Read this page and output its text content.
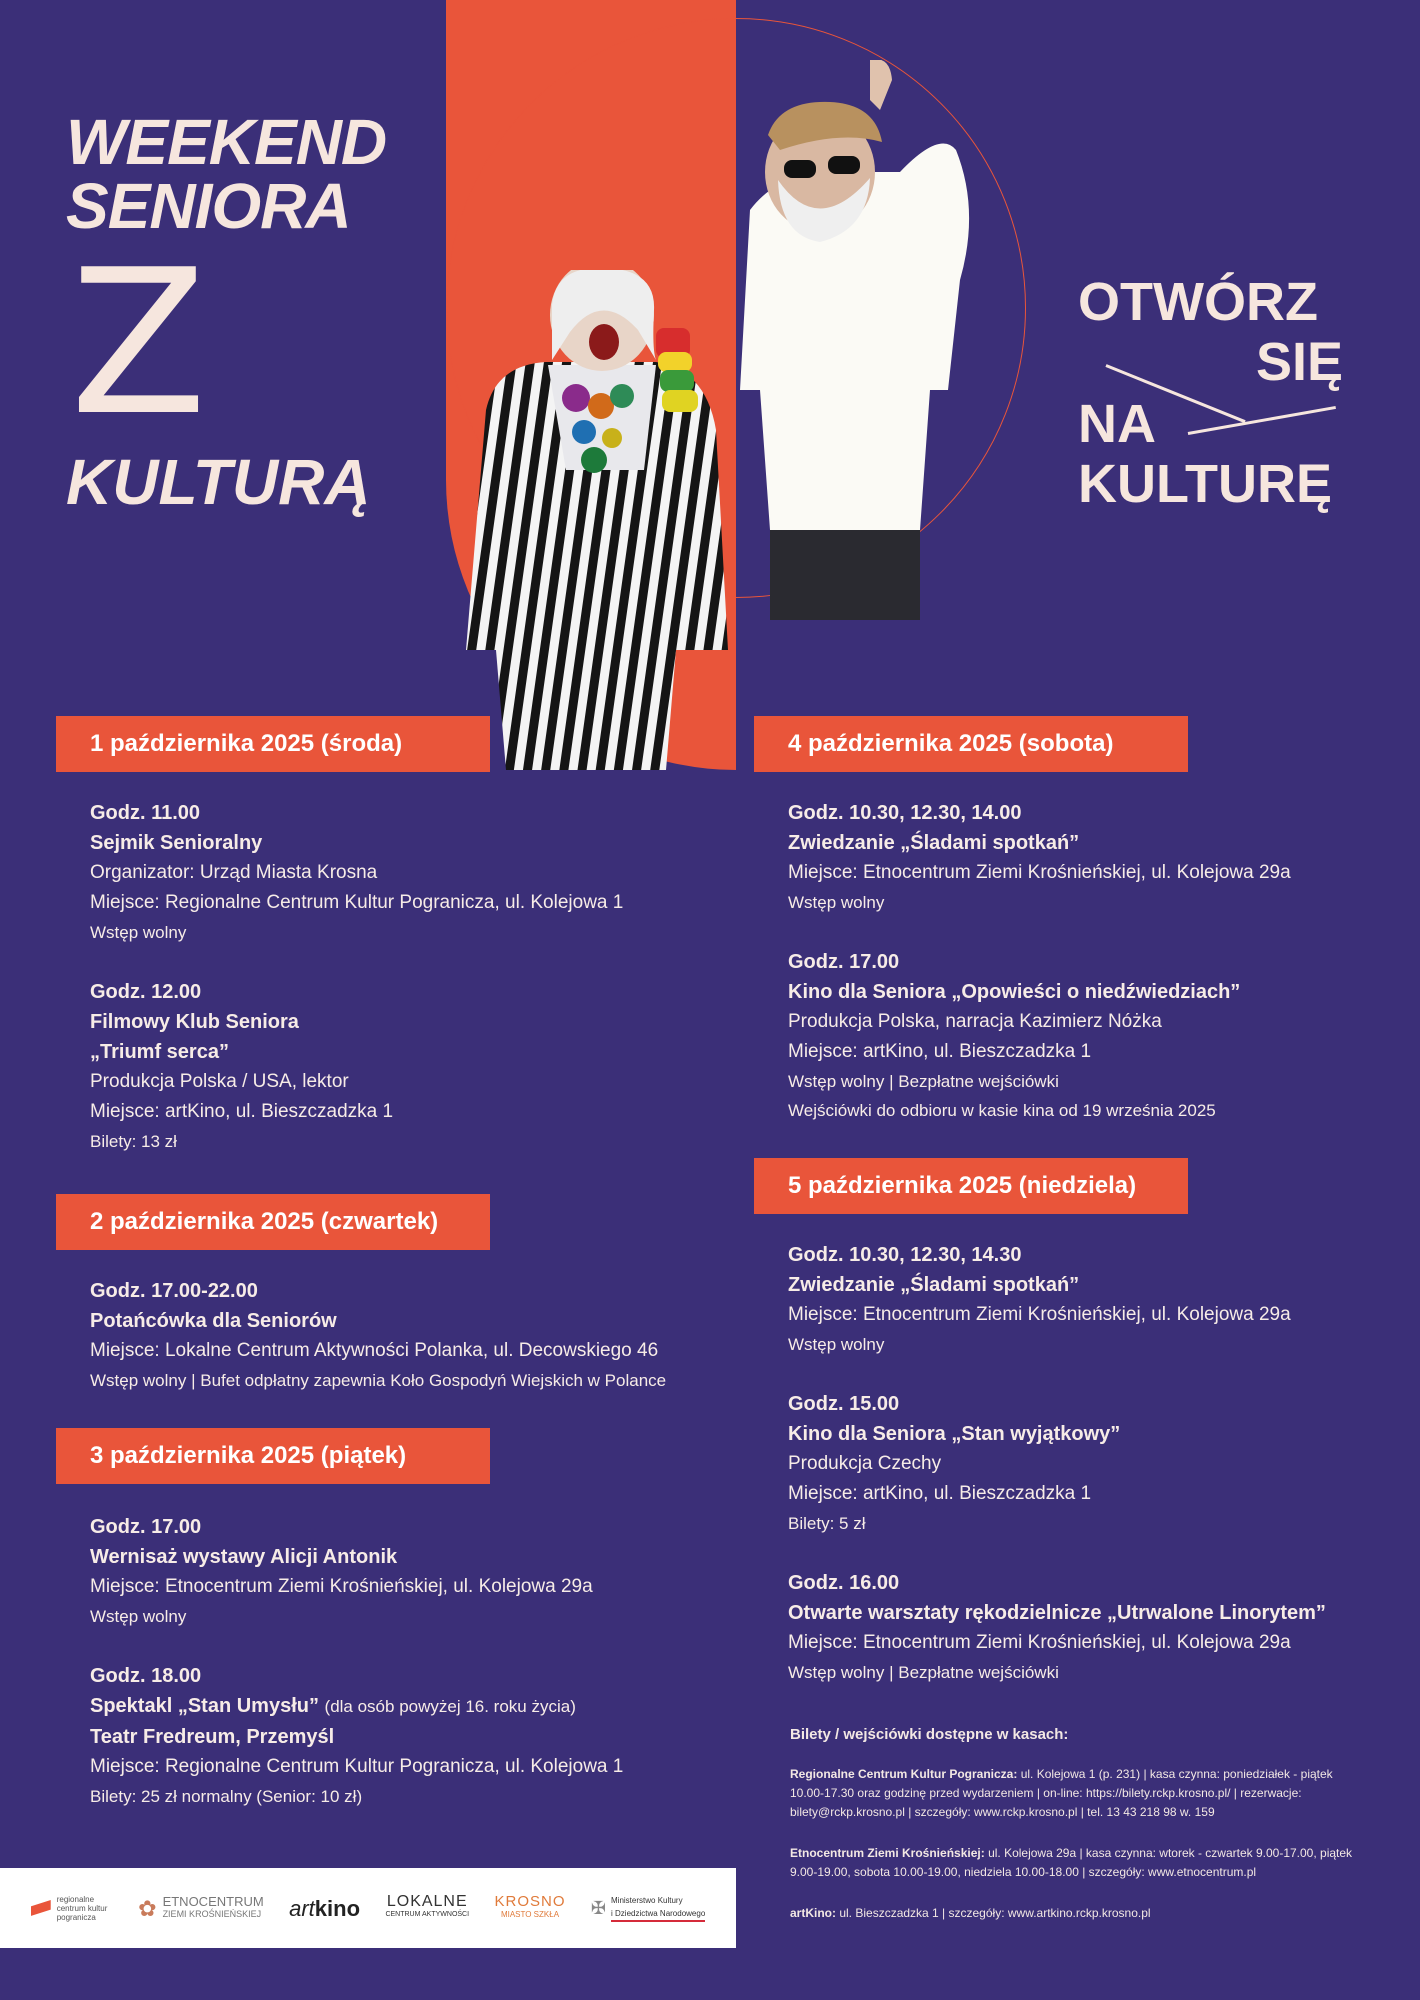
WEEKEND
SENIORA
Z
KULTURĄ
OTWÓRZ
SIĘ
NA
KULTURĘ
1 października 2025 (środa)
Godz. 11.00
Sejmik Senioralny
Organizator: Urząd Miasta Krosna
Miejsce: Regionalne Centrum Kultur Pogranicza, ul. Kolejowa 1
Wstęp wolny
Godz. 12.00
Filmowy Klub Seniora
„Triumf serca”
Produkcja Polska / USA, lektor
Miejsce: artKino, ul. Bieszczadzka 1
Bilety: 13 zł
2 października 2025 (czwartek)
Godz. 17.00-22.00
Potańcówka dla Seniorów
Miejsce: Lokalne Centrum Aktywności Polanka, ul. Decowskiego 46
Wstęp wolny | Bufet odpłatny zapewnia Koło Gospodyń Wiejskich w Polance
3 października 2025 (piątek)
Godz. 17.00
Wernisaż wystawy Alicji Antonik
Miejsce: Etnocentrum Ziemi Krośnieńskiej, ul. Kolejowa 29a
Wstęp wolny
Godz. 18.00
Spektakl „Stan Umysłu” (dla osób powyżej 16. roku życia)
Teatr Fredreum, Przemyśl
Miejsce: Regionalne Centrum Kultur Pogranicza, ul. Kolejowa 1
Bilety: 25 zł normalny (Senior: 10 zł)
4 października 2025 (sobota)
Godz. 10.30, 12.30, 14.00
Zwiedzanie „Śladami spotkań”
Miejsce: Etnocentrum Ziemi Krośnieńskiej, ul. Kolejowa 29a
Wstęp wolny
Godz. 17.00
Kino dla Seniora „Opowieści o niedźwiedziach”
Produkcja Polska, narracja Kazimierz Nóżka
Miejsce: artKino, ul. Bieszczadzka 1
Wstęp wolny | Bezpłatne wejściówki
Wejściówki do odbioru w kasie kina od 19 września 2025
5 października 2025 (niedziela)
Godz. 10.30, 12.30, 14.30
Zwiedzanie „Śladami spotkań”
Miejsce: Etnocentrum Ziemi Krośnieńskiej, ul. Kolejowa 29a
Wstęp wolny
Godz. 15.00
Kino dla Seniora „Stan wyjątkowy”
Produkcja Czechy
Miejsce: artKino, ul. Bieszczadzka 1
Bilety: 5 zł
Godz. 16.00
Otwarte warsztaty rękodzielnicze „Utrwalone Linorytem”
Miejsce: Etnocentrum Ziemi Krośnieńskiej, ul. Kolejowa 29a
Wstęp wolny | Bezpłatne wejściówki
Bilety / wejściówki dostępne w kasach:

Regionalne Centrum Kultur Pogranicza: ul. Kolejowa 1 (p. 231) | kasa czynna: poniedziałek - piątek 10.00-17.30 oraz godzinę przed wydarzeniem | on-line: https://bilety.rckp.krosno.pl/ | rezerwacje: bilety@rckp.krosno.pl | szczegóły: www.rckp.krosno.pl | tel. 13 43 218 98 w. 159

Etnocentrum Ziemi Krośnieńskiej: ul. Kolejowa 29a | kasa czynna: wtorek - czwartek 9.00-17.00, piątek 9.00-19.00, sobota 10.00-19.00, niedziela 10.00-18.00 | szczegóły: www.etnocentrum.pl

artKino: ul. Bieszczadzka 1 | szczegóły: www.artkino.rckp.krosno.pl

regionalne centrum kultur pogranicza	✿ ETNOCENTRUM
ZIEMI KROŚNIEŃSKIEJ artkino LOKALNE
CENTRUM AKTYWNOŚCI
KROSNO
MIASTO SZKŁA	✠ Ministerstwo Kultury
i Dziedzictwa Narodowego
